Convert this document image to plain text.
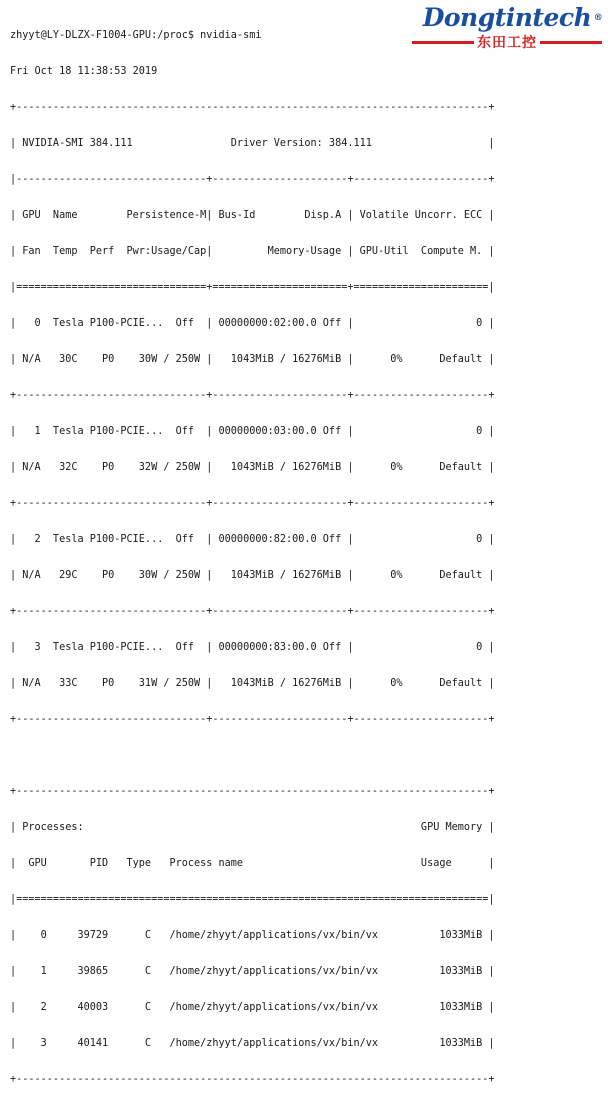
zhyyt@LY-DLZX-F1004-GPU:/proc$ nvidia-smi

Fri Oct 18 11:38:53 2019

+-----------------------------------------------------------------------------+

| NVIDIA-SMI 384.111                Driver Version: 384.111                   |

|-------------------------------+----------------------+----------------------+

| GPU  Name        Persistence-M| Bus-Id        Disp.A | Volatile Uncorr. ECC |

| Fan  Temp  Perf  Pwr:Usage/Cap|         Memory-Usage | GPU-Util  Compute M. |

|===============================+======================+======================|

|   0  Tesla P100-PCIE...  Off  | 00000000:02:00.0 Off |                    0 |

| N/A   30C    P0    30W / 250W |   1043MiB / 16276MiB |      0%      Default |

+-------------------------------+----------------------+----------------------+

|   1  Tesla P100-PCIE...  Off  | 00000000:03:00.0 Off |                    0 |

| N/A   32C    P0    32W / 250W |   1043MiB / 16276MiB |      0%      Default |

+-------------------------------+----------------------+----------------------+

|   2  Tesla P100-PCIE...  Off  | 00000000:82:00.0 Off |                    0 |

| N/A   29C    P0    30W / 250W |   1043MiB / 16276MiB |      0%      Default |

+-------------------------------+----------------------+----------------------+

|   3  Tesla P100-PCIE...  Off  | 00000000:83:00.0 Off |                    0 |

| N/A   33C    P0    31W / 250W |   1043MiB / 16276MiB |      0%      Default |

+-------------------------------+----------------------+----------------------+

+-----------------------------------------------------------------------------+

| Processes:                                                       GPU Memory |

|  GPU       PID   Type   Process name                             Usage      |

|=============================================================================|

|    0     39729      C   /home/zhyyt/applications/vx/bin/vx          1033MiB |

|    1     39865      C   /home/zhyyt/applications/vx/bin/vx          1033MiB |

|    2     40003      C   /home/zhyyt/applications/vx/bin/vx          1033MiB |

|    3     40141      C   /home/zhyyt/applications/vx/bin/vx          1033MiB |

+-----------------------------------------------------------------------------+

Dongtintech ®
东田工控
